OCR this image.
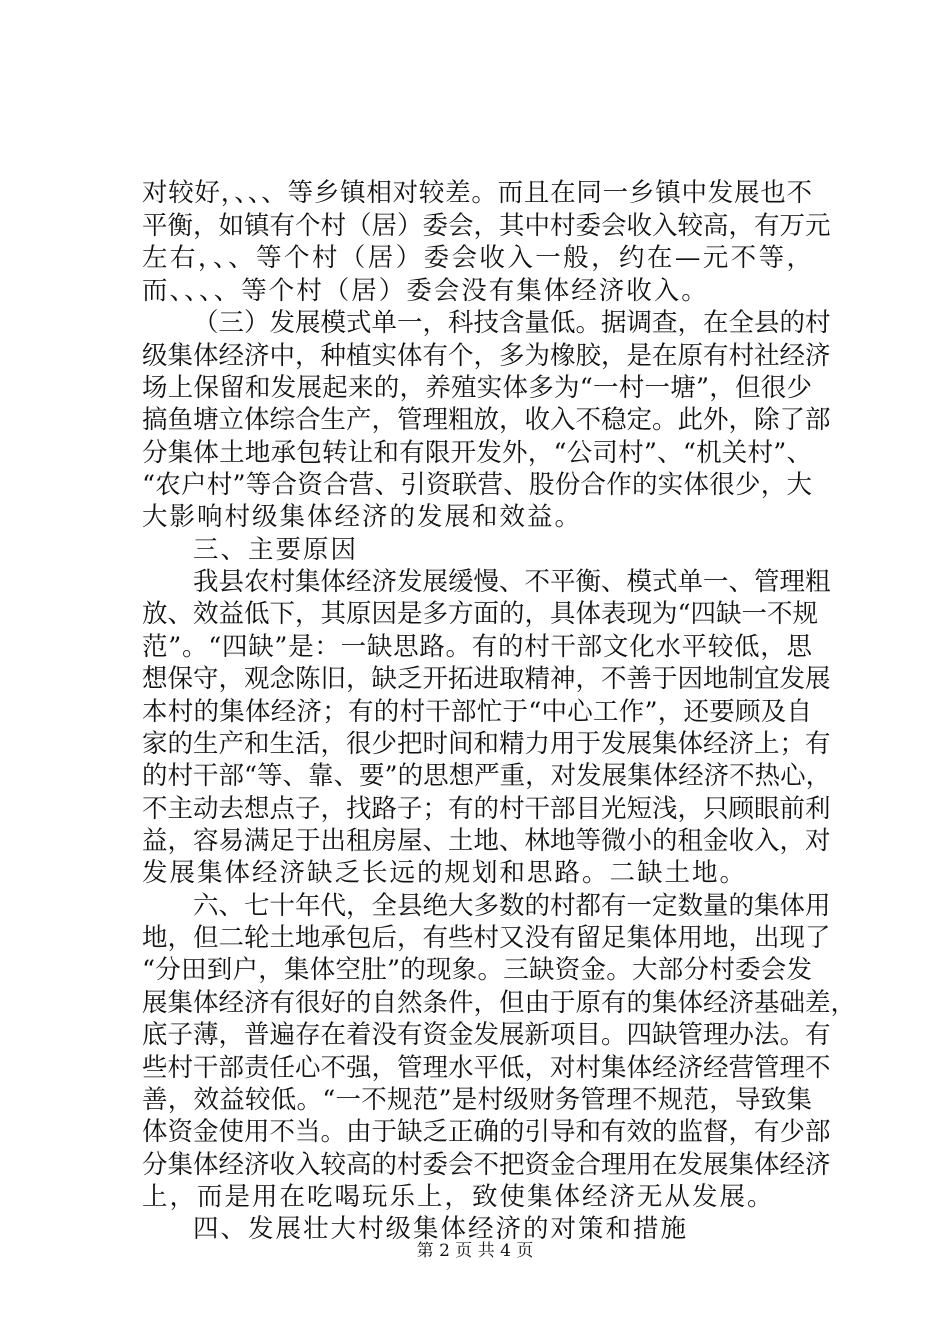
对较好，、、、等乡镇相对较差。而且在同一乡镇中发展也不
平衡，如镇有个村（居）委会，其中村委会收入较高，有万元
左右，、、等个村（居）委会收入一般，约在—元不等，
而、、、、等个村（居）委会没有集体经济收入。
（三）发展模式单一，科技含量低。据调查，在全县的村
级集体经济中，种植实体有个，多为橡胶，是在原有村社经济
场上保留和发展起来的，养殖实体多为“一村一塘”，但很少
搞鱼塘立体综合生产，管理粗放，收入不稳定。此外，除了部
分集体土地承包转让和有限开发外，“公司村”、“机关村”、
“农户村”等合资合营、引资联营、股份合作的实体很少，大
大影响村级集体经济的发展和效益。
三、主要原因
我县农村集体经济发展缓慢、不平衡、模式单一、管理粗
放、效益低下，其原因是多方面的，具体表现为“四缺一不规
范”。“四缺”是：一缺思路。有的村干部文化水平较低，思
想保守，观念陈旧，缺乏开拓进取精神，不善于因地制宜发展
本村的集体经济；有的村干部忙于“中心工作”，还要顾及自
家的生产和生活，很少把时间和精力用于发展集体经济上；有
的村干部“等、靠、要”的思想严重，对发展集体经济不热心，
不主动去想点子，找路子；有的村干部目光短浅，只顾眼前利
益，容易满足于出租房屋、土地、林地等微小的租金收入，对
发展集体经济缺乏长远的规划和思路。二缺土地。
六、七十年代，全县绝大多数的村都有一定数量的集体用
地，但二轮土地承包后，有些村又没有留足集体用地，出现了
“分田到户，集体空肚”的现象。三缺资金。大部分村委会发
展集体经济有很好的自然条件，但由于原有的集体经济基础差，
底子薄，普遍存在着没有资金发展新项目。四缺管理办法。有
些村干部责任心不强，管理水平低，对村集体经济经营管理不
善，效益较低。“一不规范”是村级财务管理不规范，导致集
体资金使用不当。由于缺乏正确的引导和有效的监督，有少部
分集体经济收入较高的村委会不把资金合理用在发展集体经济
上，而是用在吃喝玩乐上，致使集体经济无从发展。
四、发展壮大村级集体经济的对策和措施
第 2 页 共 4 页
